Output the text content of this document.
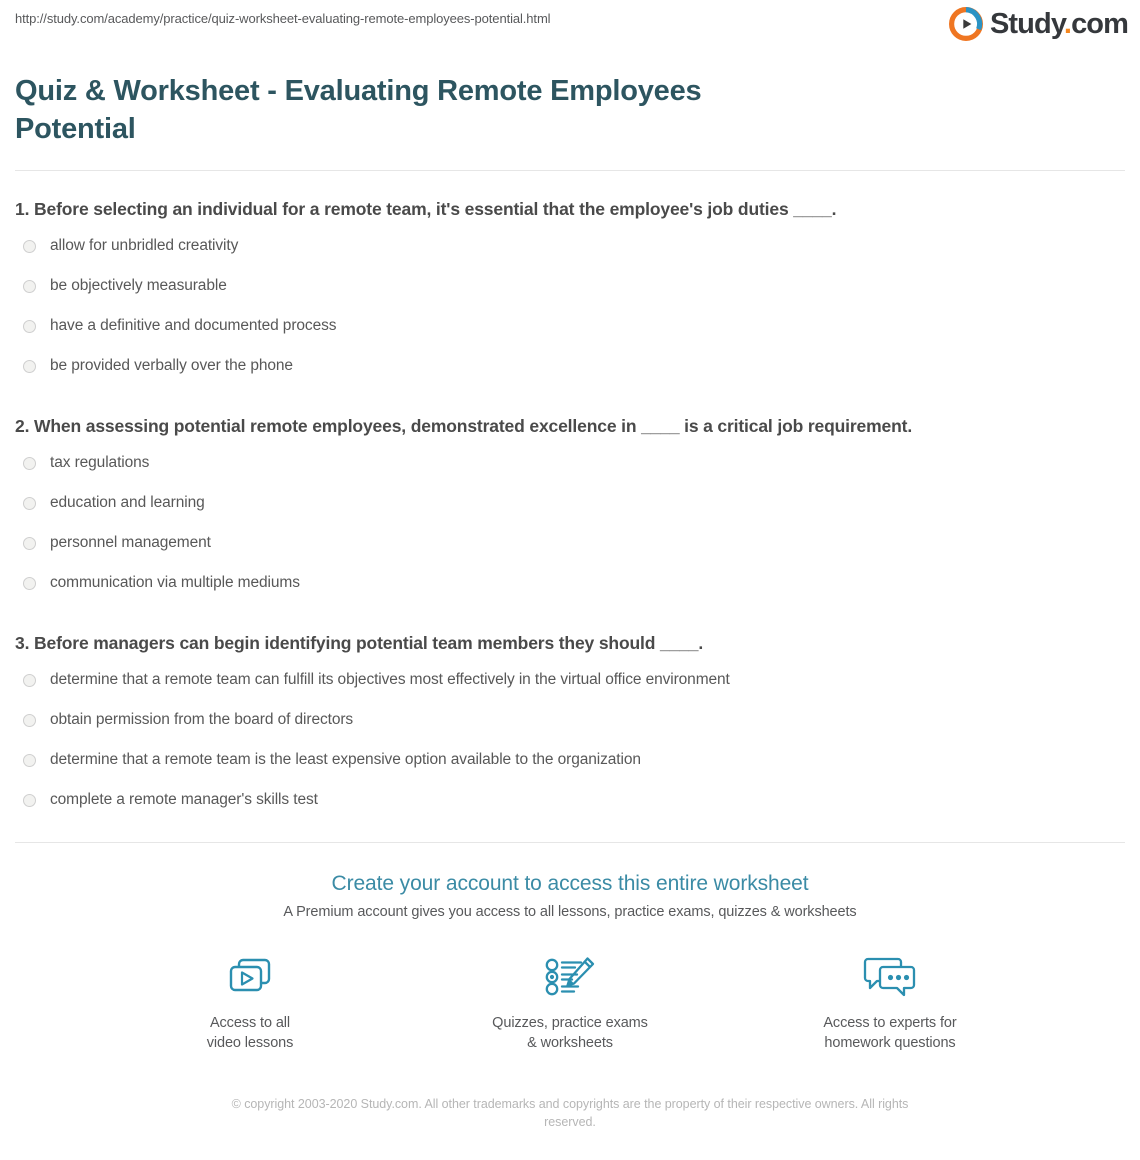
http://study.com/academy/practice/quiz-worksheet-evaluating-remote-employees-potential.html	Study.com
Quiz & Worksheet - Evaluating Remote Employees Potential

1. Before selecting an individual for a remote team, it's essential that the employee's job duties ____.

allow for unbridled creativity
be objectively measurable
have a definitive and documented process
be provided verbally over the phone

2. When assessing potential remote employees, demonstrated excellence in ____ is a critical job requirement.

tax regulations
education and learning
personnel management
communication via multiple mediums

3. Before managers can begin identifying potential team members they should ____.

determine that a remote team can fulfill its objectives most effectively in the virtual office environment
obtain permission from the board of directors
determine that a remote team is the least expensive option available to the organization
complete a remote manager's skills test
Create your account to access this entire worksheet
A Premium account gives you access to all lessons, practice exams, quizzes & worksheets
Access to all
video lessons
Quizzes, practice exams
& worksheets
Access to experts for
homework questions
© copyright 2003-2020 Study.com. All other trademarks and copyrights are the property of their respective owners. All rights reserved.
